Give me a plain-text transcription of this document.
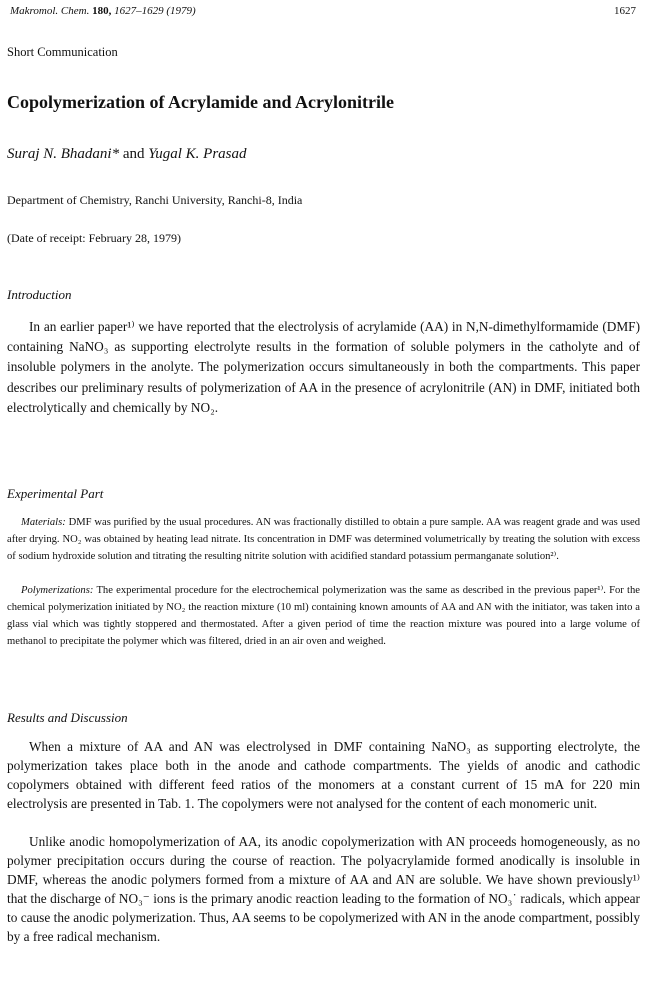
Makromol. Chem. 180, 1627–1629 (1979)	1627
Short Communication
Copolymerization of Acrylamide and Acrylonitrile
Suraj N. Bhadani* and Yugal K. Prasad
Department of Chemistry, Ranchi University, Ranchi-8, India
(Date of receipt: February 28, 1979)
Introduction
In an earlier paper¹⁾ we have reported that the electrolysis of acrylamide (AA) in N,N-dimethylformamide (DMF) containing NaNO₃ as supporting electrolyte results in the formation of soluble polymers in the catholyte and of insoluble polymers in the anolyte. The polymerization occurs simultaneously in both the compartments. This paper describes our preliminary results of polymerization of AA in the presence of acrylonitrile (AN) in DMF, initiated both electrolytically and chemically by NO₂.
Experimental Part
Materials: DMF was purified by the usual procedures. AN was fractionally distilled to obtain a pure sample. AA was reagent grade and was used after drying. NO₂ was obtained by heating lead nitrate. Its concentration in DMF was determined volumetrically by treating the solution with excess of sodium hydroxide solution and titrating the resulting nitrite solution with acidified standard potassium permanganate solution²⁾.
Polymerizations: The experimental procedure for the electrochemical polymerization was the same as described in the previous paper¹⁾. For the chemical polymerization initiated by NO₂ the reaction mixture (10 ml) containing known amounts of AA and AN with the initiator, was taken into a glass vial which was tightly stoppered and thermostated. After a given period of time the reaction mixture was poured into a large volume of methanol to precipitate the polymer which was filtered, dried in an air oven and weighed.
Results and Discussion
When a mixture of AA and AN was electrolysed in DMF containing NaNO₃ as supporting electrolyte, the polymerization takes place both in the anode and cathode compartments. The yields of anodic and cathodic copolymers obtained with different feed ratios of the monomers at a constant current of 15 mA for 220 min electrolysis are presented in Tab. 1. The copolymers were not analysed for the content of each monomeric unit.
Unlike anodic homopolymerization of AA, its anodic copolymerization with AN proceeds homogeneously, as no polymer precipitation occurs during the course of reaction. The polyacrylamide formed anodically is insoluble in DMF, whereas the anodic polymers formed from a mixture of AA and AN are soluble. We have shown previously¹⁾ that the discharge of NO₃⁻ ions is the primary anodic reaction leading to the formation of NO₃˙ radicals, which appear to cause the anodic polymerization. Thus, AA seems to be copolymerized with AN in the anode compartment, possibly by a free radical mechanism.
